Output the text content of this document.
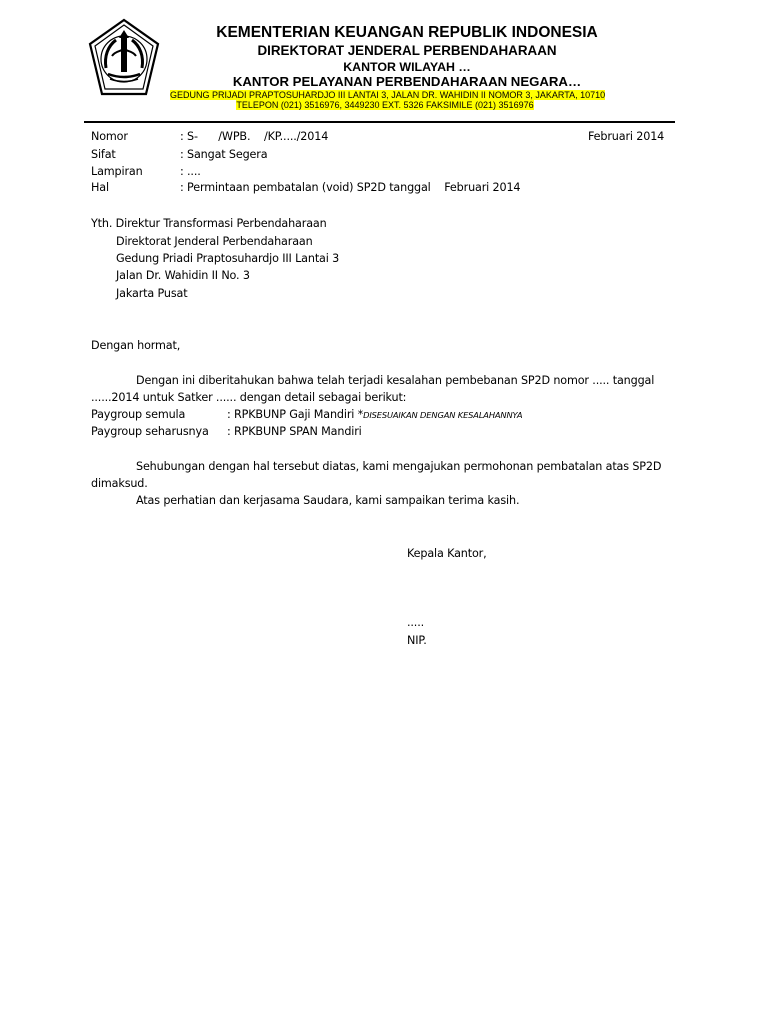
KEMENTERIAN KEUANGAN REPUBLIK INDONESIA
DIREKTORAT JENDERAL PERBENDAHARAAN
KANTOR WILAYAH …
KANTOR PELAYANAN PERBENDAHARAAN NEGARA…
GEDUNG PRIJADI PRAPTOSUHARDJO III LANTAI 3, JALAN DR. WAHIDIN II NOMOR 3, JAKARTA, 10710
TELEPON (021) 3516976, 3449230 EXT. 5326 FAKSIMILE (021) 3516976
Nomor	: S-      /WPB.    /KP...../2014	Februari 2014
Sifat	: Sangat Segera
Lampiran	: ....
Hal	: Permintaan pembatalan (void) SP2D tanggal    Februari 2014
Yth. Direktur Transformasi Perbendaharaan
Direktorat Jenderal Perbendaharaan
Gedung Priadi Praptosuhardjo III Lantai 3
Jalan Dr. Wahidin II No. 3
Jakarta Pusat
Dengan hormat,
Dengan ini diberitahukan bahwa telah terjadi kesalahan pembebanan SP2D nomor ..... tanggal
......2014 untuk Satker ...... dengan detail sebagai berikut:
Paygroup semula	: RPKBUNP Gaji Mandiri *DISESUAIKAN DENGAN KESALAHANNYA
Paygroup seharusnya : RPKBUNP SPAN Mandiri
Sehubungan dengan hal tersebut diatas, kami mengajukan permohonan pembatalan atas SP2D
dimaksud.
Atas perhatian dan kerjasama Saudara, kami sampaikan terima kasih.
Kepala Kantor,
.....
NIP.
